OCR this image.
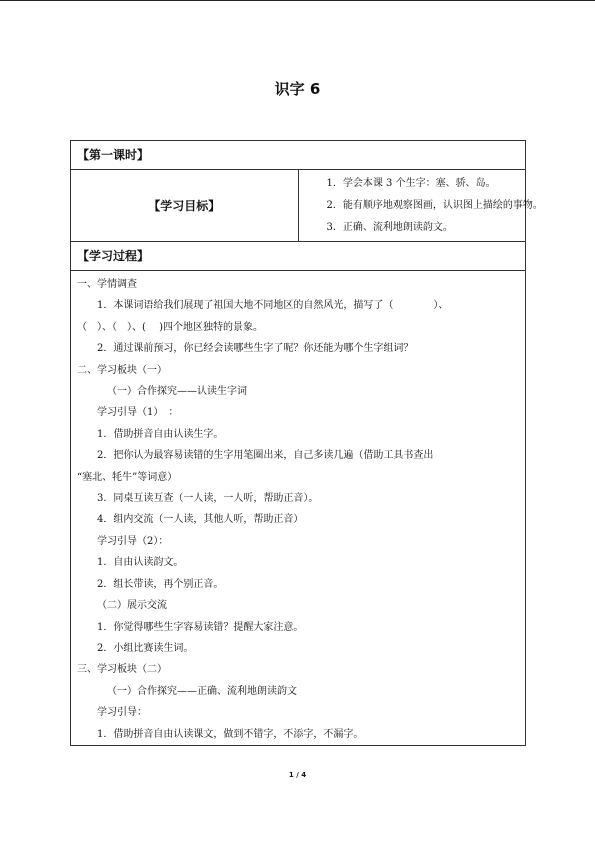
识字 6
【第一课时】
【学习目标】	
1．学会本课 3 个生字：塞、骄、岛。
2．能有顺序地观察图画，认识图上描绘的事物。
3．正确、流利地朗读韵文。

【学习过程】

一、学情调查
1．本课词语给我们展现了祖国大地不同地区的自然风光，描写了（　　　　）、
（　）、（　）、(　 )四个地区独特的景象。
2．通过课前预习，你已经会读哪些生字了呢？你还能为哪个生字组词？
二、学习板块（一）
（一）合作探究——认读生字词
学习引导（1）　：
1．借助拼音自由认读生字。
2．把你认为最容易读错的生字用笔圈出来，自己多读几遍（借助工具书查出
“塞北、牦牛”等词意）
3．同桌互读互查（一人读，一人听，帮助正音）。
4．组内交流（一人读，其他人听，帮助正音）
学习引导（2）：
1．自由认读韵文。
2．组长带读，再个别正音。
（二）展示交流
1．你觉得哪些生字容易读错？提醒大家注意。
2．小组比赛读生词。
三、学习板块（二）
（一）合作探究——正确、流利地朗读韵文
学习引导：
1．借助拼音自由认读课文，做到不错字，不添字，不漏字。
1 / 4
